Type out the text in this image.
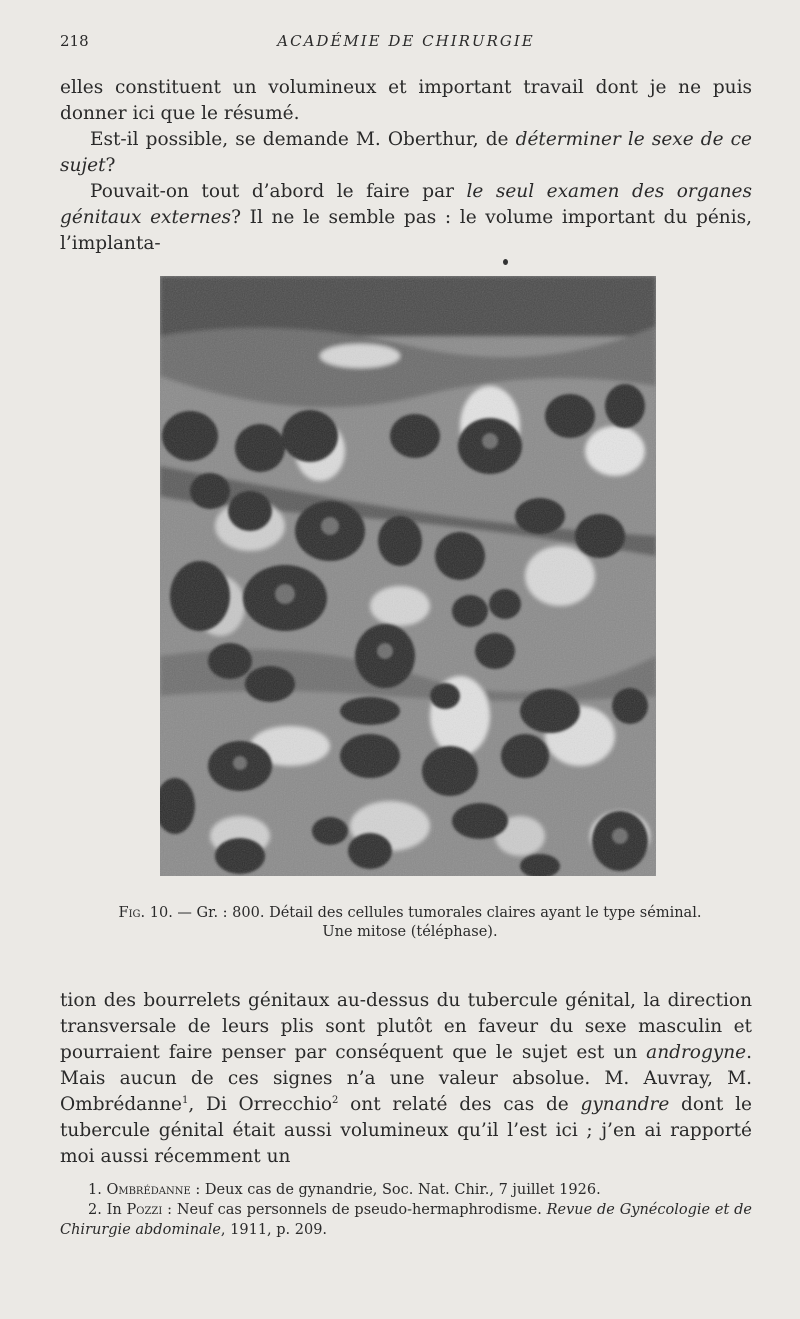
218	ACADÉMIE DE CHIRURGIE

elles constituent un volumineux et important travail dont je ne puis donner ici que le résumé.

Est-il possible, se demande M. Oberthur, de déterminer le sexe de ce sujet?

Pouvait-on tout d’abord le faire par le seul examen des organes génitaux externes? Il ne le semble pas : le volume important du pénis, l’implanta-

Fig. 10. — Gr. : 800. Détail des cellules tumorales claires ayant le type séminal.
Une mitose (téléphase).

tion des bourrelets génitaux au-dessus du tubercule génital, la direction transversale de leurs plis sont plutôt en faveur du sexe masculin et pourraient faire penser par conséquent que le sujet est un androgyne. Mais aucun de ces signes n’a une valeur absolue. M. Auvray, M. Ombrédanne$^1$, Di Orrecchio$^2$ ont relaté des cas de gynandre dont le tubercule génital était aussi volumineux qu’il l’est ici ; j’en ai rapporté moi aussi récemment un

1. Ombrédanne : Deux cas de gynandrie, Soc. Nat. Chir., 7 juillet 1926.

2. In Pozzi : Neuf cas personnels de pseudo-hermaphrodisme. Revue de Gynécologie et de Chirurgie abdominale, 1911, p. 209.
